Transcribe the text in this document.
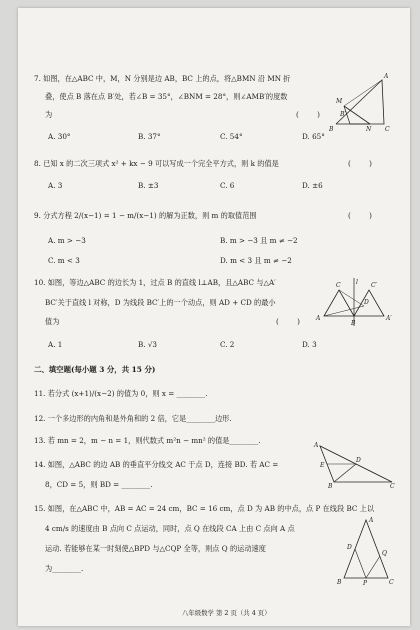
7. 如图，在△ABC 中，M，N 分别是边 AB，BC 上的点，将△BMN 沿 MN 折
叠，使点 B 落在点 B′处，若∠B = 35°，∠BNM = 28°，则∠AMB′的度数
为	(        )
A. 30°	B. 37°	C. 54°	D. 65°
A
M
B′
B	N C
8. 已知 x 的二次三项式 x² + kx − 9 可以写成一个完全平方式，则 k 的值是	(        )
A. 3	B. ±3	C. 6	D. ±6
9. 分式方程 2/(x−1) = 1 − m/(x−1) 的解为正数，则 m 的取值范围	(        )
A. m > −3	B. m > −3 且 m ≠ −2
C. m < 3	D. m < 3 且 m ≠ −2
10. 如图，等边△ABC 的边长为 1，过点 B 的直线 l⊥AB，且△ABC 与△A′
BC′关于直线 l 对称，D 为线段 BC′上的一个动点，则 AD + CD 的最小
值为	(        )
A. 1	B. √3	C. 2	D. 3
C	l
D
A
B
A′
C′
二、填空题(每小题 3 分，共 15 分)
11. 若分式 (x+1)/(x−2) 的值为 0，则 x = ________.
12. 一个多边形的内角和是外角和的 2 倍，它是________边形.
13. 若 mn = 2，m − n = 1，则代数式 m²n − mn² 的值是________.
14. 如图，△ABC 的边 AB 的垂直平分线交 AC 于点 D，连接 BD. 若 AC =
8，CD = 5，则 BD = ________.
A
E
D
B	C
15. 如图，在△ABC 中，AB = AC = 24 cm，BC = 16 cm，点 D 为 AB 的中点，点 P 在线段 BC 上以
4 cm/s 的速度由 B 点向 C 点运动，同时，点 Q 在线段 CA 上由 C 点向 A 点
运动. 若能够在某一时刻使△BPD 与△CQP 全等，则点 Q 的运动速度
为________.
A
D
Q
B	P	C
八年级数学 第 2 页（共 4 页）
